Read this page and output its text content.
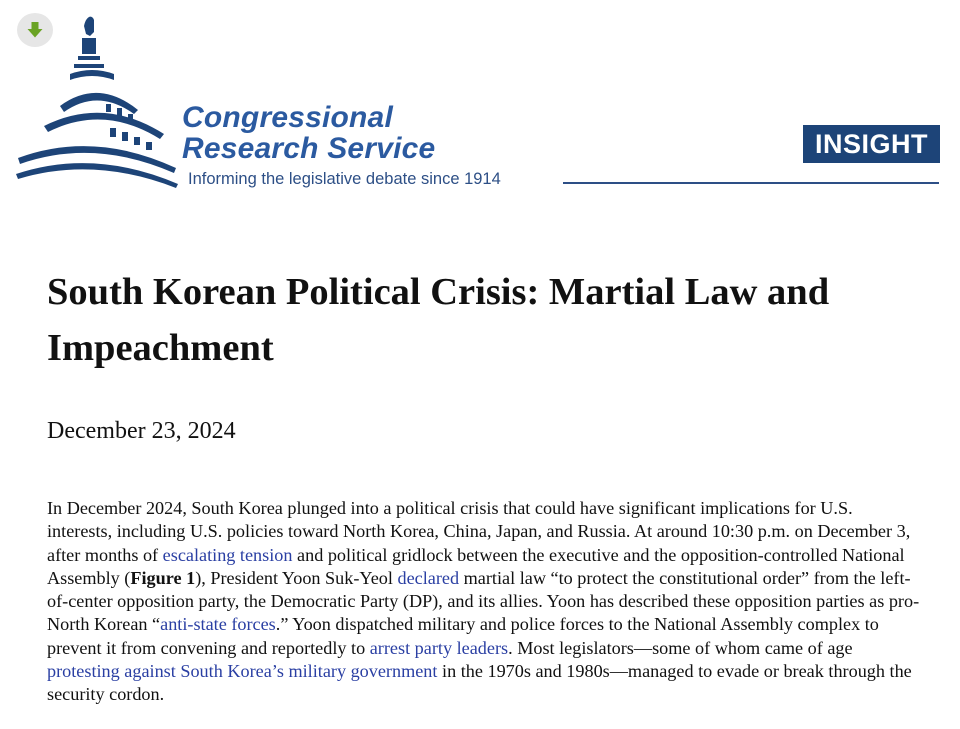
Congressional
Research Service
Informing the legislative debate since 1914
INSIGHT
South Korean Political Crisis: Martial Law and Impeachment
December 23, 2024

In December 2024, South Korea plunged into a political crisis that could have significant implications for U.S. interests, including U.S. policies toward North Korea, China, Japan, and Russia. At around 10:30 p.m. on December 3, after months of escalating tension and political gridlock between the executive and the opposition-controlled National Assembly (Figure 1), President Yoon Suk-Yeol declared martial law “to protect the constitutional order” from the left-of-center opposition party, the Democratic Party (DP), and its allies. Yoon has described these opposition parties as pro-North Korean “anti-state forces.” Yoon dispatched military and police forces to the National Assembly complex to prevent it from convening and reportedly to arrest party leaders. Most legislators—some of whom came of age protesting against South Korea’s military government in the 1970s and 1980s—managed to evade or break through the security cordon.
